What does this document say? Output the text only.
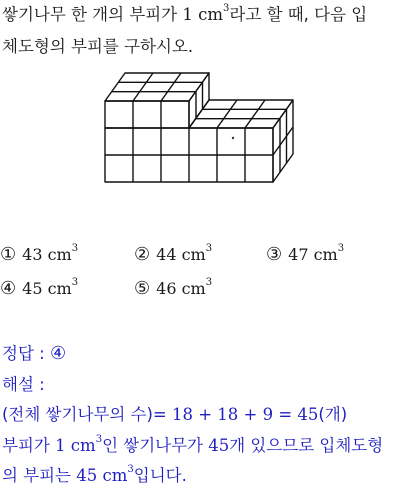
쌓기나무 한 개의 부피가 1 $cm^3$라고 할 때, 다음 입
체도형의 부피를 구하시오.
① 43 $cm^3$	② 44 $cm^3$	③ 47 $cm^3$
④ 45 $cm^3$	⑤ 46 $cm^3$
정답 : ④
해설 :
(전체 쌓기나무의 수)= 18 + 18 + 9 = 45(개)
부피가 1 $cm^3$인 쌓기나무가 45개 있으므로 입체도형
의 부피는 45 $cm^3$입니다.
